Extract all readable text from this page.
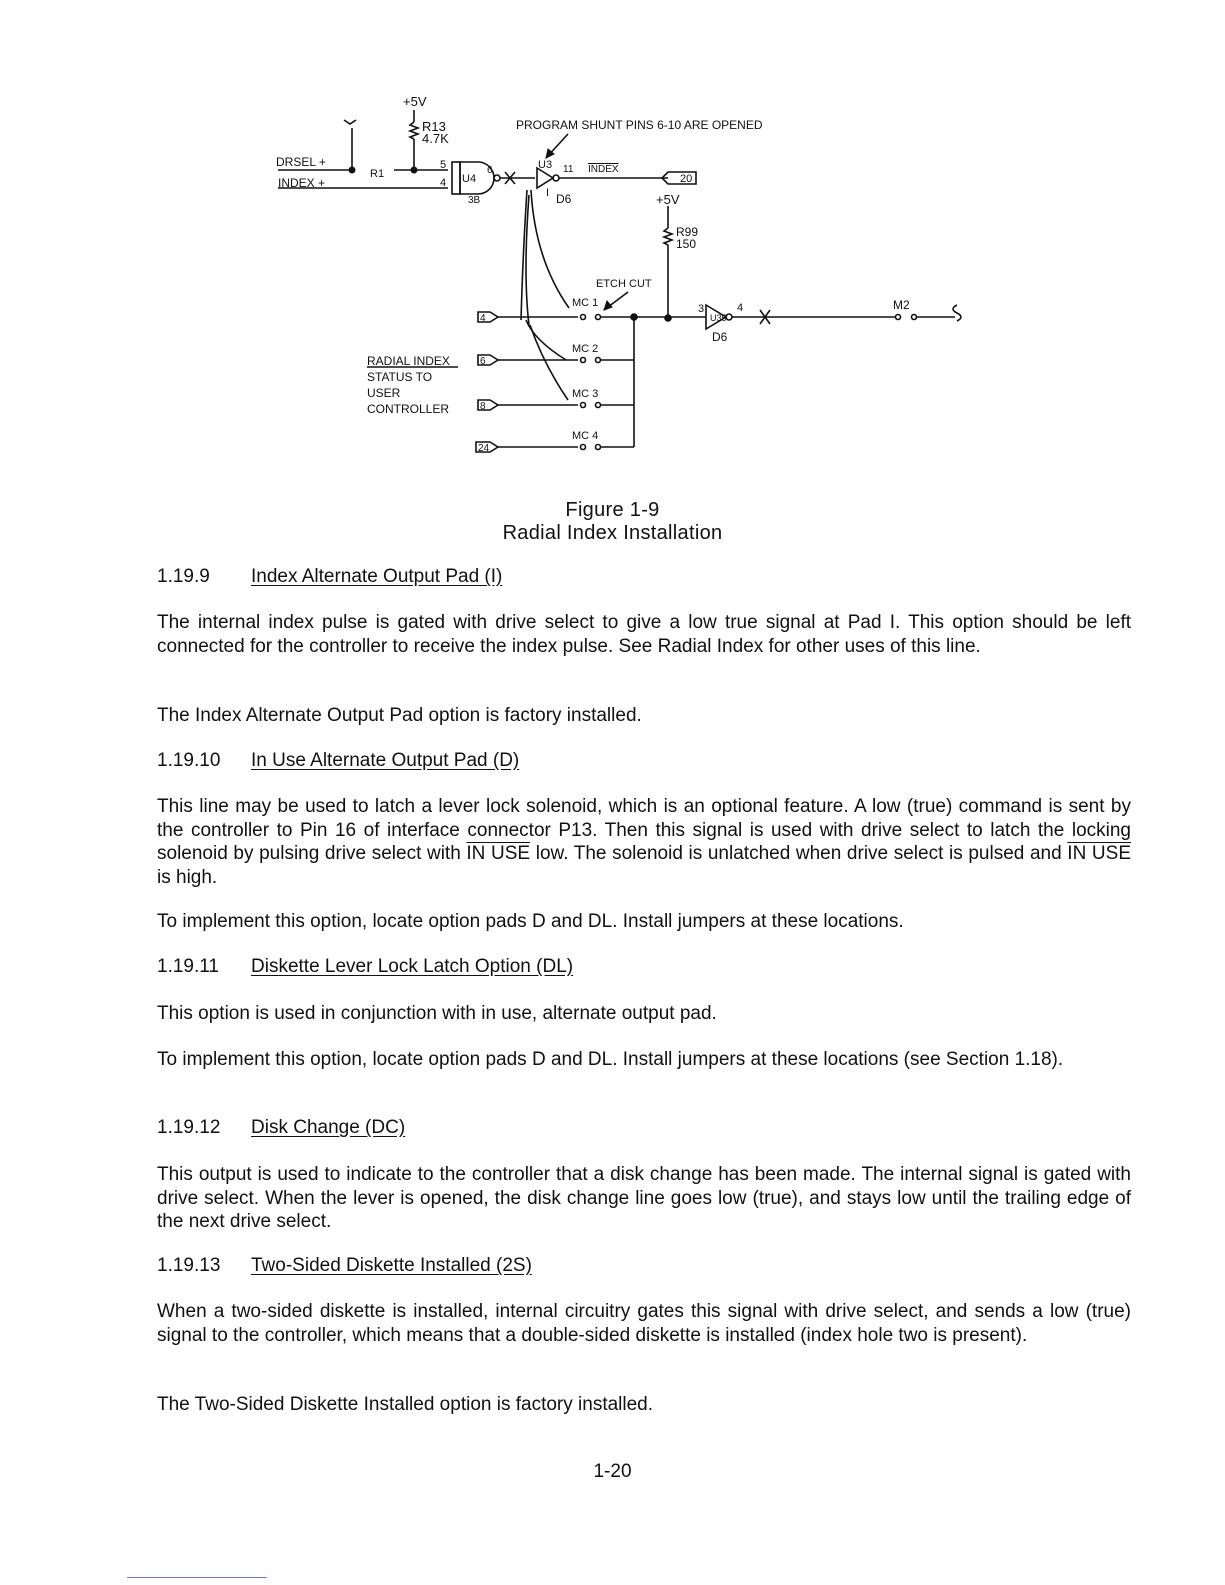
+5V
R13
4.7K
PROGRAM SHUNT PINS 6-10 ARE OPENED
DRSEL +
INDEX +
R1
5
4 U4
6
3B
U3 11 INDEX
20
I D6	+5V
R99
150
ETCH CUT
MC 1
MC 2
MC 3
MC 4
4
6
8
24
RADIAL INDEX
STATUS TO
USER
CONTROLLER
3	4
U35
D6
M2
Figure 1-9
Radial Index Installation
1.19.9 Index Alternate Output Pad (I)

The internal index pulse is gated with drive select to give a low true signal at Pad I. This option should be left connected for the controller to receive the index pulse. See Radial Index for other uses of this line.

The Index Alternate Output Pad option is factory installed.

1.19.10 In Use Alternate Output Pad (D)

This line may be used to latch a lever lock solenoid, which is an optional feature. A low (true) command is sent by the controller to Pin 16 of interface connector P13. Then this signal is used with drive select to latch the locking solenoid by pulsing drive select with IN USE low. The solenoid is unlatched when drive select is pulsed and IN USE is high.

To implement this option, locate option pads D and DL. Install jumpers at these locations.

1.19.11 Diskette Lever Lock Latch Option (DL)

This option is used in conjunction with in use, alternate output pad.

To implement this option, locate option pads D and DL. Install jumpers at these locations (see Section 1.18).

1.19.12 Disk Change (DC)

This output is used to indicate to the controller that a disk change has been made. The internal signal is gated with drive select. When the lever is opened, the disk change line goes low (true), and stays low until the trailing edge of the next drive select.

1.19.13 Two-Sided Diskette Installed (2S)

When a two-sided diskette is installed, internal circuitry gates this signal with drive select, and sends a low (true) signal to the controller, which means that a double-sided diskette is installed (index hole two is present).

The Two-Sided Diskette Installed option is factory installed.

1-20
